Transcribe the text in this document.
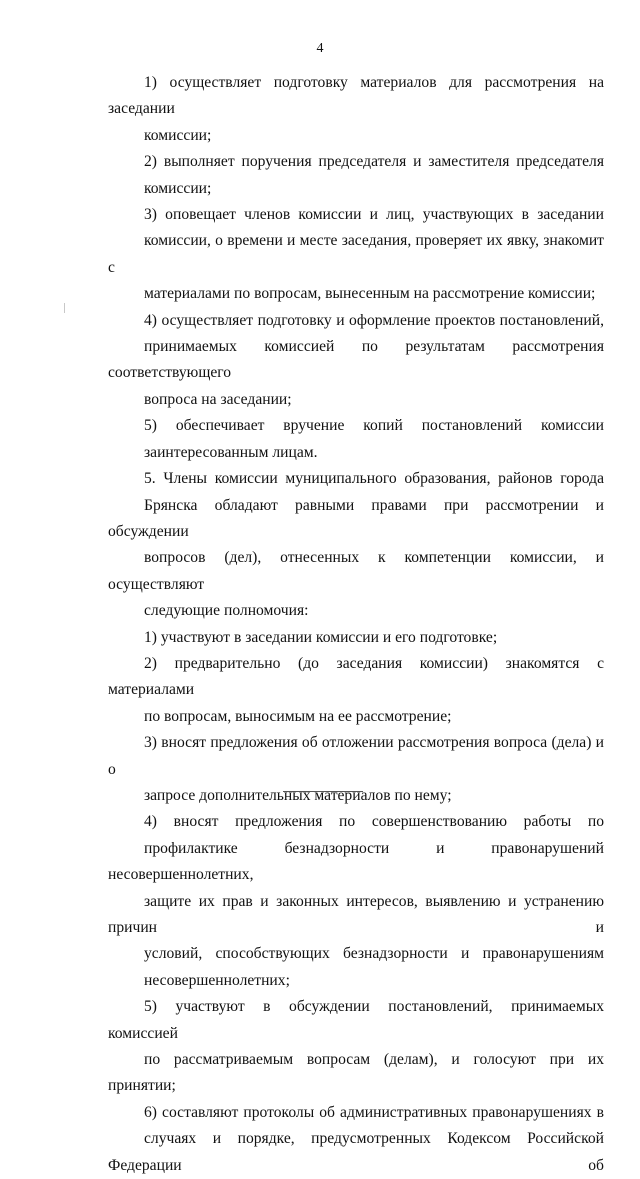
4
1) осуществляет подготовку материалов для рассмотрения на заседании
комиссии;
2) выполняет поручения председателя и заместителя председателя
комиссии;
3) оповещает членов комиссии и лиц, участвующих в заседании
комиссии, о времени и месте заседания, проверяет их явку, знакомит с
материалами по вопросам, вынесенным на рассмотрение комиссии;
4) осуществляет подготовку и оформление проектов постановлений,
принимаемых комиссией по результатам рассмотрения соответствующего
вопроса на заседании;
5) обеспечивает вручение копий постановлений комиссии
заинтересованным лицам.
5. Члены комиссии муниципального образования, районов города
Брянска обладают равными правами при рассмотрении и обсуждении
вопросов (дел), отнесенных к компетенции комиссии, и осуществляют
следующие полномочия:
1) участвуют в заседании комиссии и его подготовке;
2) предварительно (до заседания комиссии) знакомятся с материалами
по вопросам, выносимым на ее рассмотрение;
3) вносят предложения об отложении рассмотрения вопроса (дела) и о
запросе дополнительных материалов по нему;
4) вносят предложения по совершенствованию работы по
профилактике безнадзорности и правонарушений несовершеннолетних,
защите их прав и законных интересов, выявлению и устранению причин и
условий, способствующих безнадзорности и правонарушениям
несовершеннолетних;
5) участвуют в обсуждении постановлений, принимаемых комиссией
по рассматриваемым вопросам (делам), и голосуют при их принятии;
6) составляют протоколы об административных правонарушениях в
случаях и порядке, предусмотренных Кодексом Российской Федерации об
